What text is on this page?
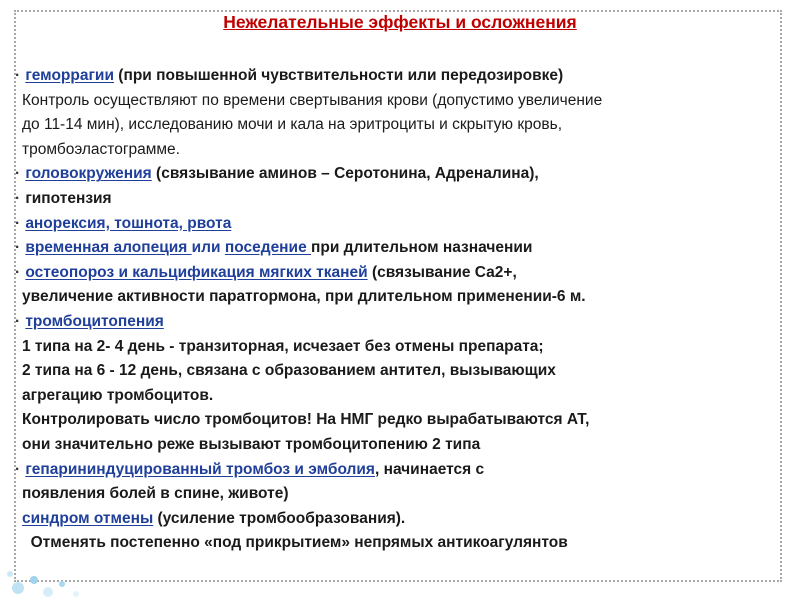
Нежелательные эффекты и осложнения
· геморрагии (при повышенной чувствительности или передозировке)
Контроль осуществляют по времени свертывания крови (допустимо увеличение
до 11-14 мин), исследованию мочи и кала на эритроциты и скрытую кровь,
тромбоэластограмме.
· головокружения (связывание аминов – Серотонина, Адреналина),
· гипотензия
· анорексия, тошнота, рвота
· временная алопеция или поседение при длительном назначении
· остеопороз и кальцификация мягких тканей (связывание Са2+,
увеличение активности паратгормона, при длительном применении-6 м.
· тромбоцитопения
1 типа на 2- 4 день - транзиторная, исчезает без отмены препарата;
2 типа на 6 - 12 день, связана с образованием антител, вызывающих
агрегацию тромбоцитов.
Контролировать число тромбоцитов! На НМГ редко вырабатываются АТ,
они значительно реже вызывают тромбоцитопению 2 типа
· гепарининдуцированный тромбоз и эмболия, начинается с
появления болей в спине, животе)
синдром отмены (усиление тромбообразования).
Отменять постепенно «под прикрытием» непрямых антикоагулянтов
